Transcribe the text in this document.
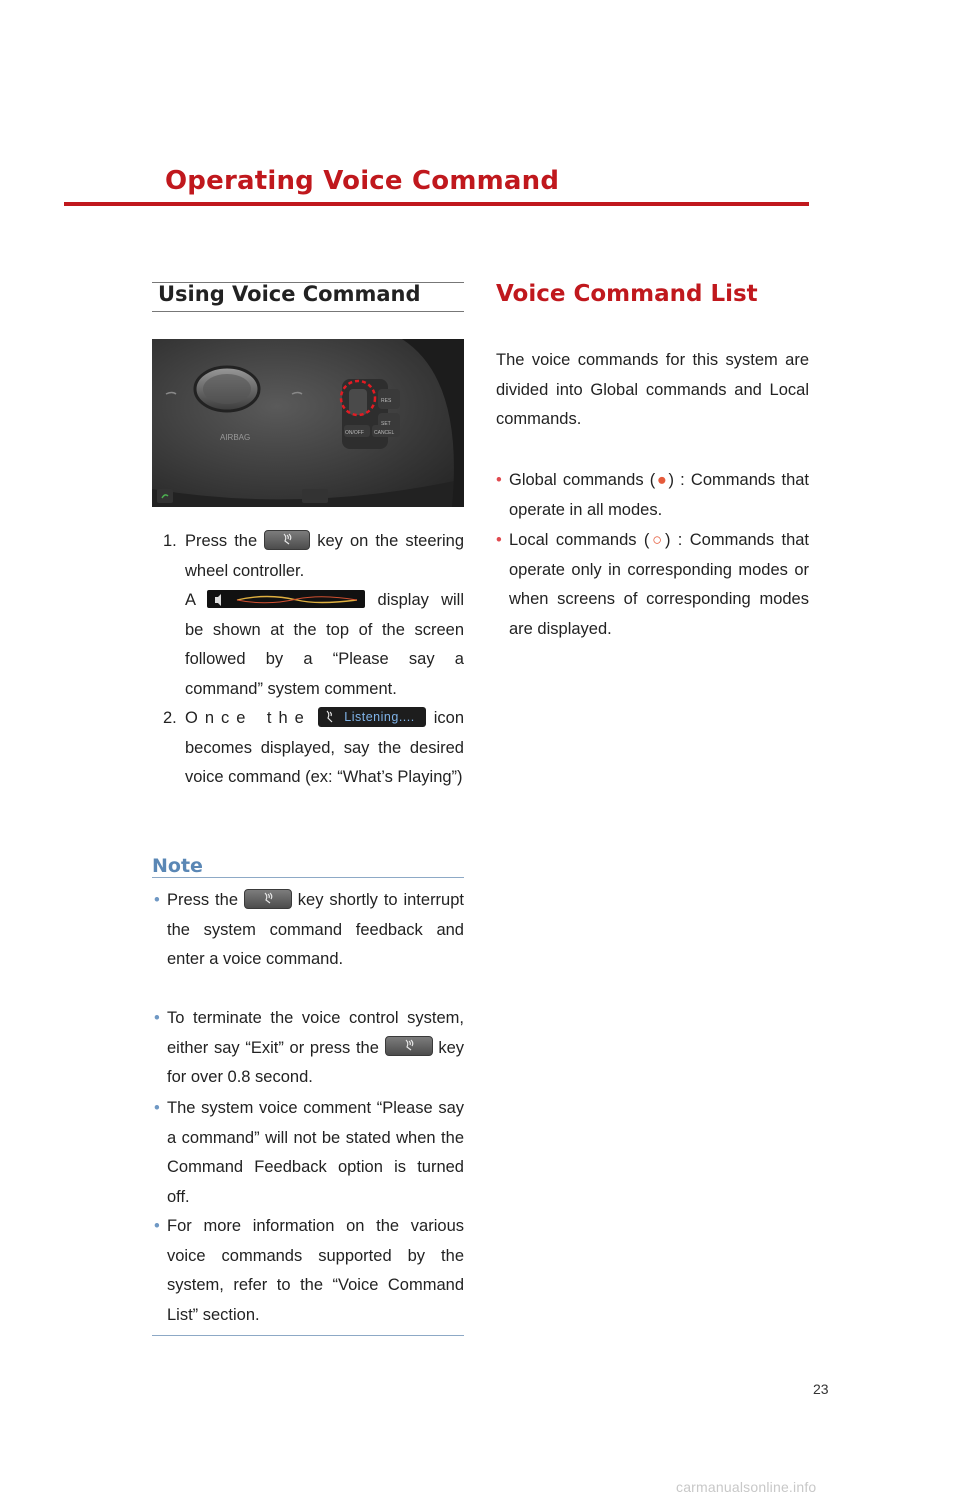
Operating Voice Command
Using Voice Command
AIRBAG	ON/OFF CANCEL
RES
SET
1. Press the	key on the steering wheel controller.
A	display will be shown at the top of the screen followed by a “Please say a command” system comment.
2. Once the	Listening.... icon becomes displayed, say the desired voice command (ex: “What’s Playing”)
Note
• Press the	key shortly to interrupt the system command feedback and enter a voice command.
• To terminate the voice control system, either say “Exit” or press the	key for over 0.8 second.
• The system voice comment “Please say a command” will not be stated when the Command Feedback option is turned off.
• For more information on the various voice commands supported by the system, refer to the “Voice Command List” section.
Voice Command List
The voice commands for this system are divided into Global commands and Local commands.
• Global commands (●) : Commands that operate in all modes.
• Local commands (○) : Commands that operate only in corresponding modes or when screens of corresponding modes are displayed.
23
carmanualsonline.info
